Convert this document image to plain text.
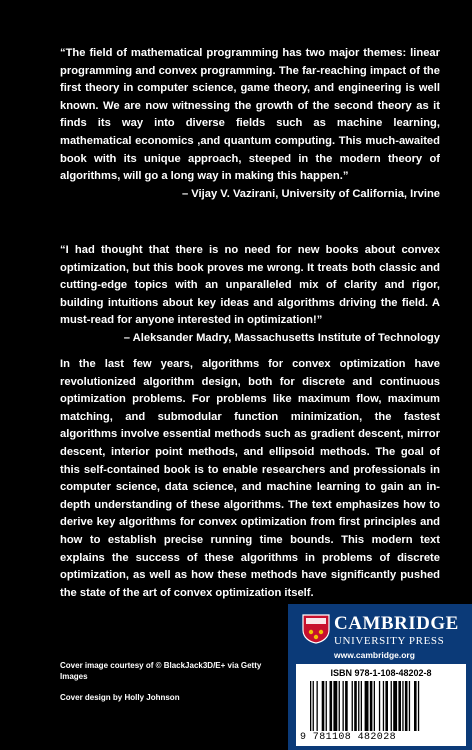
“The field of mathematical programming has two major themes: linear programming and convex programming. The far-reaching impact of the first theory in computer science, game theory, and engineering is well known. We are now witnessing the growth of the second theory as it finds its way into diverse fields such as machine learning, mathematical economics ,and quantum computing. This much-awaited book with its unique approach, steeped in the modern theory of algorithms, will go a long way in making this happen.”
– Vijay V. Vazirani, University of California, Irvine

“I had thought that there is no need for new books about convex optimization, but this book proves me wrong. It treats both classic and cutting-edge topics with an unparalleled mix of clarity and rigor, building intuitions about key ideas and algorithms driving the field. A must-read for anyone interested in optimization!”
– Aleksander Madry, Massachusetts Institute of Technology

In the last few years, algorithms for convex optimization have revolutionized algorithm design, both for discrete and continuous optimization problems. For problems like maximum flow, maximum matching, and submodular function minimization, the fastest algorithms involve essential methods such as gradient descent, mirror descent, interior point methods, and ellipsoid methods. The goal of this self-contained book is to enable researchers and professionals in computer science, data science, and machine learning to gain an in-depth understanding of these algorithms. The text emphasizes how to derive key algorithms for convex optimization from first principles and how to establish precise running time bounds. This modern text explains the success of these algorithms in problems of discrete optimization, as well as how these methods have significantly pushed the state of the art of convex optimization itself.

Cover image courtesy of © BlackJack3D/E+ via Getty Images
Cover design by Holly Johnson
CAMBRIDGE
UNIVERSITY PRESS
www.cambridge.org
ISBN 978-1-108-48202-8
9 781108 482028
